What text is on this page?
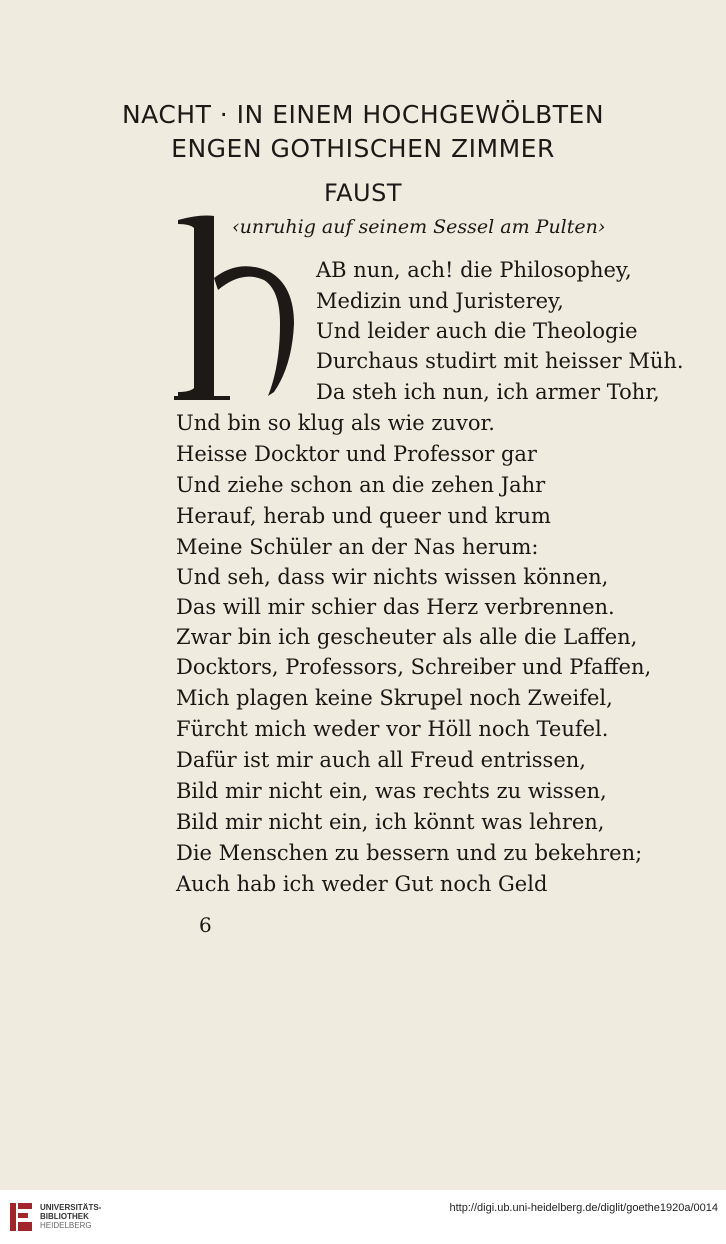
NACHT · IN EINEM HOCHGEWÖLBTEN
ENGEN GOTHISCHEN ZIMMER
FAUST
‹unruhig auf seinem Sessel am Pulten›
AB nun, ach! die Philosophey,
Medizin und Juristerey,
Und leider auch die Theologie
Durchaus studirt mit heisser Müh.
Da steh ich nun, ich armer Tohr,
Und bin so klug als wie zuvor.
Heisse Docktor und Professor gar
Und ziehe schon an die zehen Jahr
Herauf, herab und queer und krum
Meine Schüler an der Nas herum:
Und seh, dass wir nichts wissen können,
Das will mir schier das Herz verbrennen.
Zwar bin ich gescheuter als alle die Laffen,
Docktors, Professors, Schreiber und Pfaffen,
Mich plagen keine Skrupel noch Zweifel,
Fürcht mich weder vor Höll noch Teufel.
Dafür ist mir auch all Freud entrissen,
Bild mir nicht ein, was rechts zu wissen,
Bild mir nicht ein, ich könnt was lehren,
Die Menschen zu bessern und zu bekehren;
Auch hab ich weder Gut noch Geld
6
UNIVERSITÄTS-
BIBLIOTHEK
HEIDELBERG
http://digi.ub.uni-heidelberg.de/diglit/goethe1920a/0014
